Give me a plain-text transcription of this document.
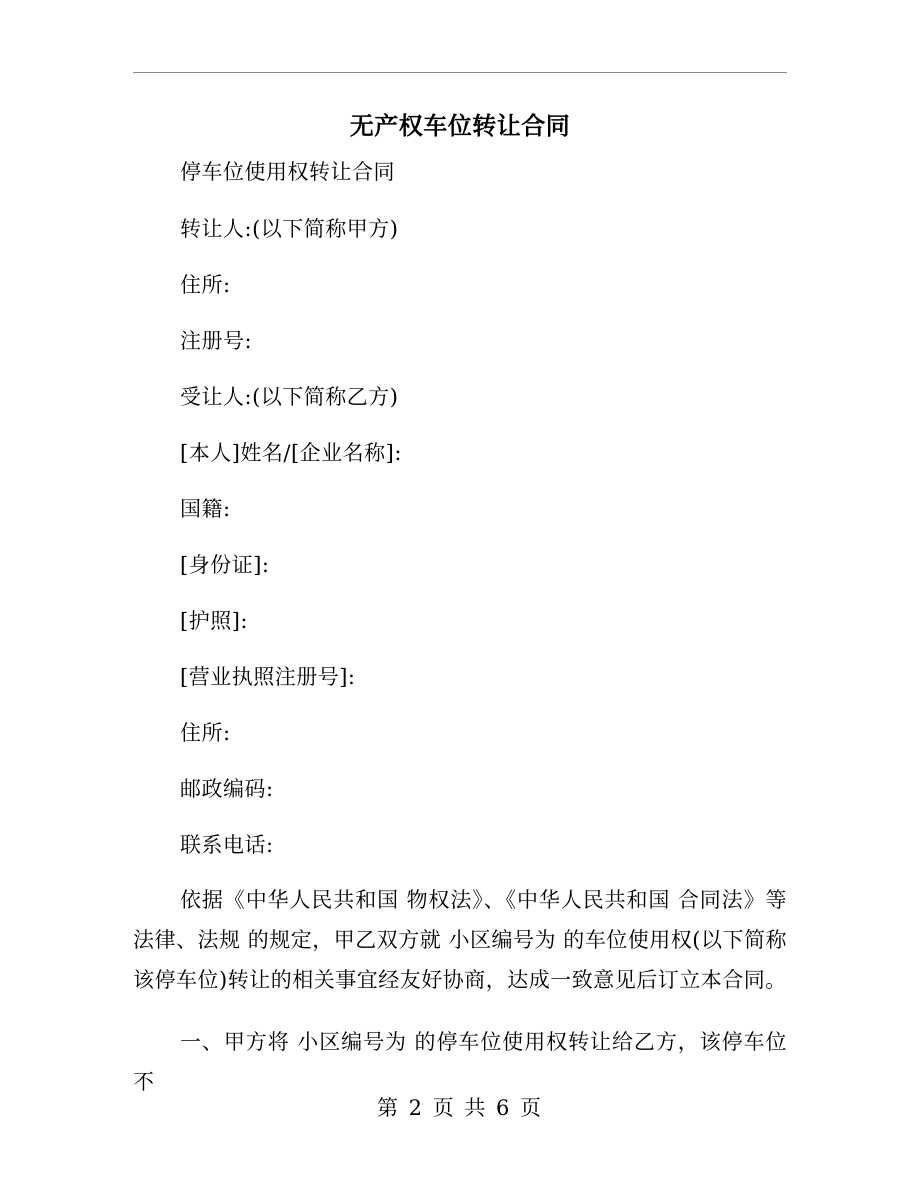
无产权车位转让合同
停车位使用权转让合同
转让人:(以下简称甲方)
住所:
注册号:
受让人:(以下简称乙方)
[本人]姓名/[企业名称]:
国籍:
[身份证]:
[护照]:
[营业执照注册号]:
住所:
邮政编码:
联系电话:
依据《中华人民共和国 物权法》、《中华人民共和国 合同法》等 法律、法规 的规定，甲乙双方就 小区编号为 的车位使用权(以下简称该停车位)转让的相关事宜经友好协商，达成一致意见后订立本合同。
一、甲方将 小区编号为 的停车位使用权转让给乙方，该停车位不
第 2 页 共 6 页
